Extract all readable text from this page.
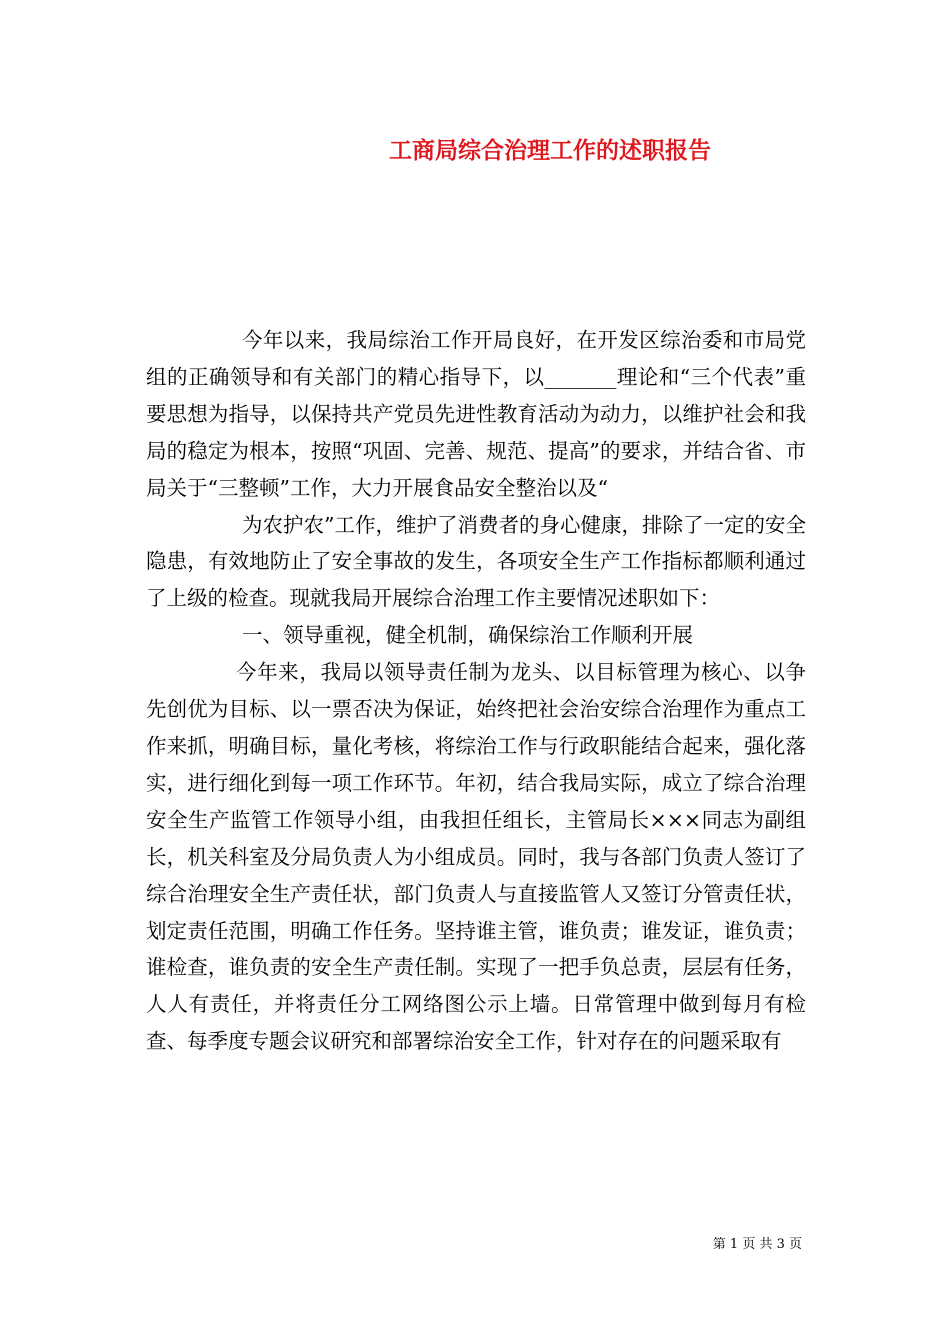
工商局综合治理工作的述职报告

今年以来，我局综治工作开局良好，在开发区综治委和市局党组的正确领导和有关部门的精心指导下，以_______理论和“三个代表”重要思想为指导，以保持共产党员先进性教育活动为动力，以维护社会和我局的稳定为根本，按照“巩固、完善、规范、提高”的要求，并结合省、市局关于“三整顿”工作，大力开展食品安全整治以及“

为农护农”工作，维护了消费者的身心健康，排除了一定的安全隐患，有效地防止了安全事故的发生，各项安全生产工作指标都顺利通过了上级的检查。现就我局开展综合治理工作主要情况述职如下：

一、领导重视，健全机制，确保综治工作顺利开展

今年来，我局以领导责任制为龙头、以目标管理为核心、以争先创优为目标、以一票否决为保证，始终把社会治安综合治理作为重点工作来抓，明确目标，量化考核，将综治工作与行政职能结合起来，强化落实，进行细化到每一项工作环节。年初，结合我局实际，成立了综合治理安全生产监管工作领导小组，由我担任组长，主管局长×××同志为副组长，机关科室及分局负责人为小组成员。同时，我与各部门负责人签订了综合治理安全生产责任状，部门负责人与直接监管人又签订分管责任状，划定责任范围，明确工作任务。坚持谁主管，谁负责；谁发证，谁负责；谁检查，谁负责的安全生产责任制。实现了一把手负总责，层层有任务，人人有责任，并将责任分工网络图公示上墙。日常管理中做到每月有检查、每季度专题会议研究和部署综治安全工作，针对存在的问题采取有

第 1 页 共 3 页
